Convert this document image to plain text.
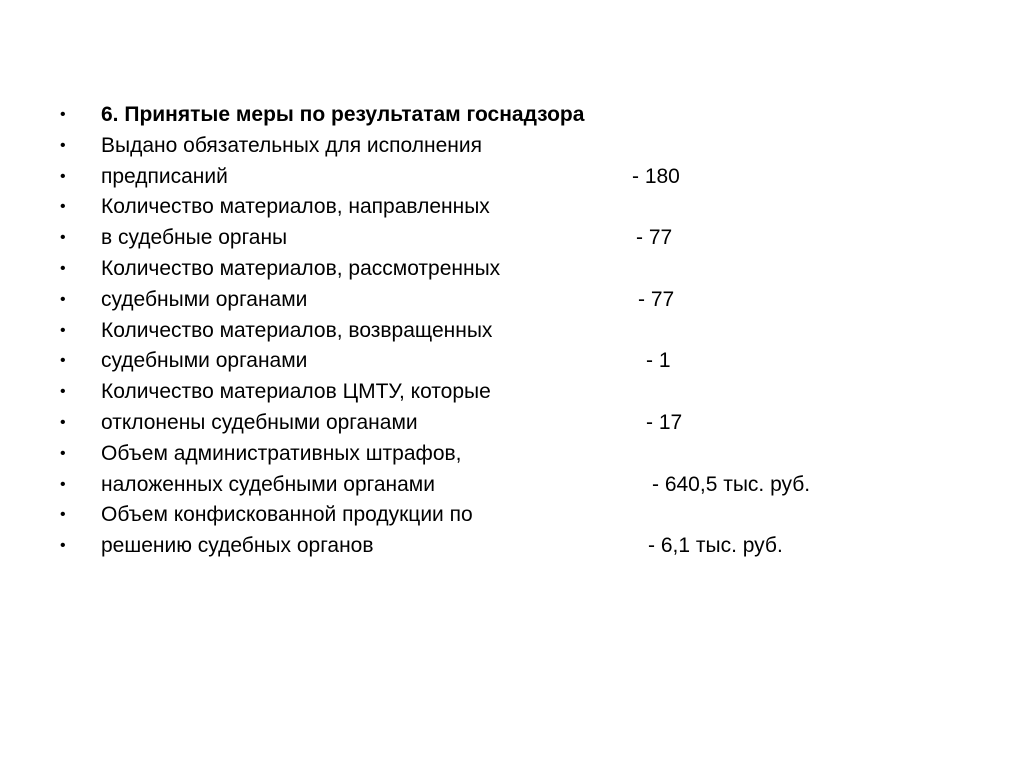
•	6. Принятые меры по результатам госнадзора
•	Выдано обязательных для исполнения
•	предписаний	- 180
•	Количество материалов, направленных
•	в судебные органы	- 77
•	Количество материалов, рассмотренных
•	судебными органами	- 77
•	Количество материалов, возвращенных
•	судебными органами	- 1
•	Количество материалов ЦМТУ, которые
•	отклонены судебными органами	- 17
•	Объем административных штрафов,
•	наложенных судебными органами	- 640,5 тыс. руб.
•	Объем конфискованной продукции по
•	решению судебных органов	- 6,1 тыс. руб.
